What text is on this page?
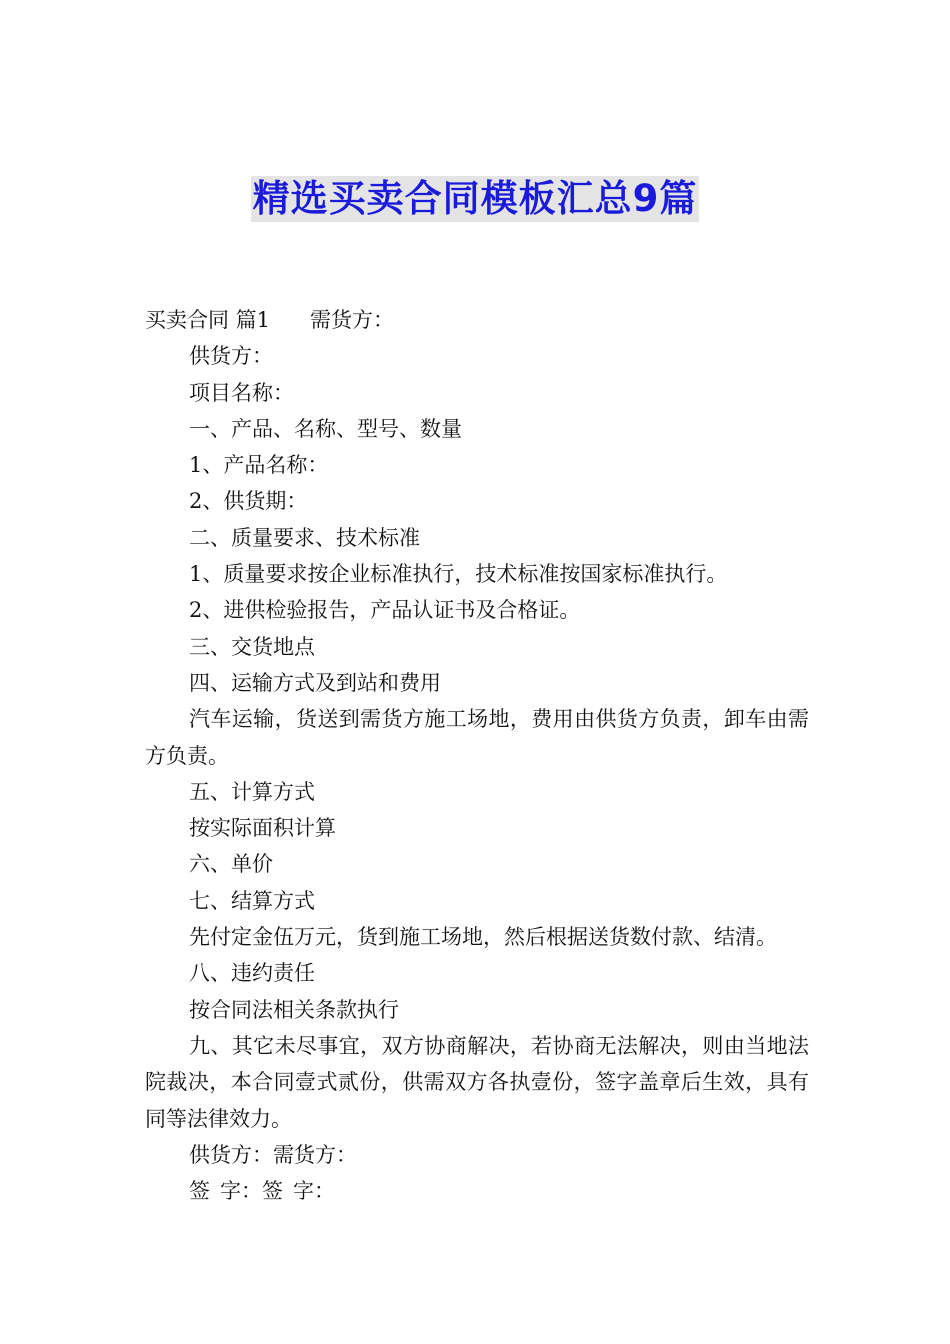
精选买卖合同模板汇总9篇
买卖合同 篇1 需货方：
供货方：
项目名称：
一、产品、名称、型号、数量
1、产品名称：
2、供货期：
二、质量要求、技术标准
1、质量要求按企业标准执行，技术标准按国家标准执行。
2、进供检验报告，产品认证书及合格证。
三、交货地点
四、运输方式及到站和费用

汽车运输，货送到需货方施工场地，费用由供货方负责，卸车由需方负责。

五、计算方式
按实际面积计算
六、单价
七、结算方式
先付定金伍万元，货到施工场地，然后根据送货数付款、结清。
八、违约责任
按合同法相关条款执行

九、其它未尽事宜，双方协商解决，若协商无法解决，则由当地法院裁决，本合同壹式贰份，供需双方各执壹份，签字盖章后生效，具有同等法律效力。

供货方：需货方：
签 字：签 字：
